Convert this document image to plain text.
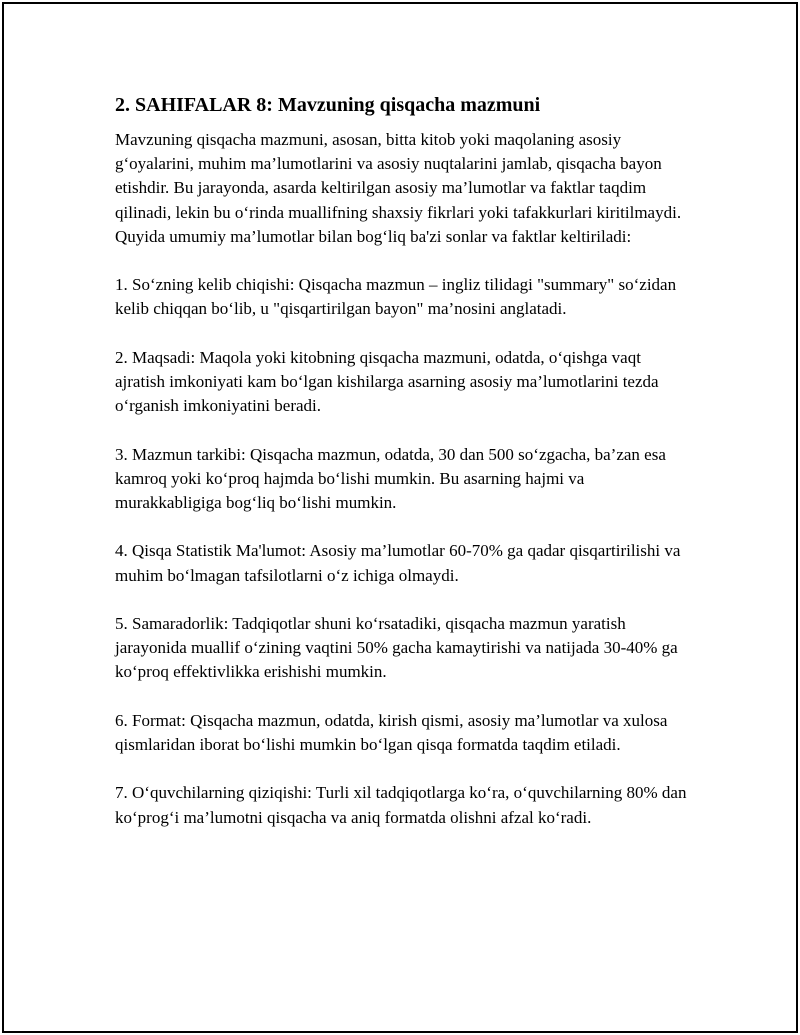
2. SAHIFALAR 8: Mavzuning qisqacha mazmuni

Mavzuning qisqacha mazmuni, asosan, bitta kitob yoki maqolaning asosiy g‘oyalarini, muhim ma’lumotlarini va asosiy nuqtalarini jamlab, qisqacha bayon etishdir. Bu jarayonda, asarda keltirilgan asosiy ma’lumotlar va faktlar taqdim qilinadi, lekin bu o‘rinda muallifning shaxsiy fikrlari yoki tafakkurlari kiritilmaydi. Quyida umumiy ma’lumotlar bilan bog‘liq ba'zi sonlar va faktlar keltiriladi:

1. So‘zning kelib chiqishi: Qisqacha mazmun – ingliz tilidagi "summary" so‘zidan kelib chiqqan bo‘lib, u "qisqartirilgan bayon" ma’nosini anglatadi.

2. Maqsadi: Maqola yoki kitobning qisqacha mazmuni, odatda, o‘qishga vaqt ajratish imkoniyati kam bo‘lgan kishilarga asarning asosiy ma’lumotlarini tezda o‘rganish imkoniyatini beradi.

3. Mazmun tarkibi: Qisqacha mazmun, odatda, 30 dan 500 so‘zgacha, ba’zan esa kamroq yoki ko‘proq hajmda bo‘lishi mumkin. Bu asarning hajmi va murakkabligiga bog‘liq bo‘lishi mumkin.

4. Qisqa Statistik Ma'lumot: Asosiy ma’lumotlar 60-70% ga qadar qisqartirilishi va muhim bo‘lmagan tafsilotlarni o‘z ichiga olmaydi.

5. Samaradorlik: Tadqiqotlar shuni ko‘rsatadiki, qisqacha mazmun yaratish jarayonida muallif o‘zining vaqtini 50% gacha kamaytirishi va natijada 30-40% ga ko‘proq effektivlikka erishishi mumkin.

6. Format: Qisqacha mazmun, odatda, kirish qismi, asosiy ma’lumotlar va xulosa qismlaridan iborat bo‘lishi mumkin bo‘lgan qisqa formatda taqdim etiladi.

7. O‘quvchilarning qiziqishi: Turli xil tadqiqotlarga ko‘ra, o‘quvchilarning 80% dan ko‘prog‘i ma’lumotni qisqacha va aniq formatda olishni afzal ko‘radi.
